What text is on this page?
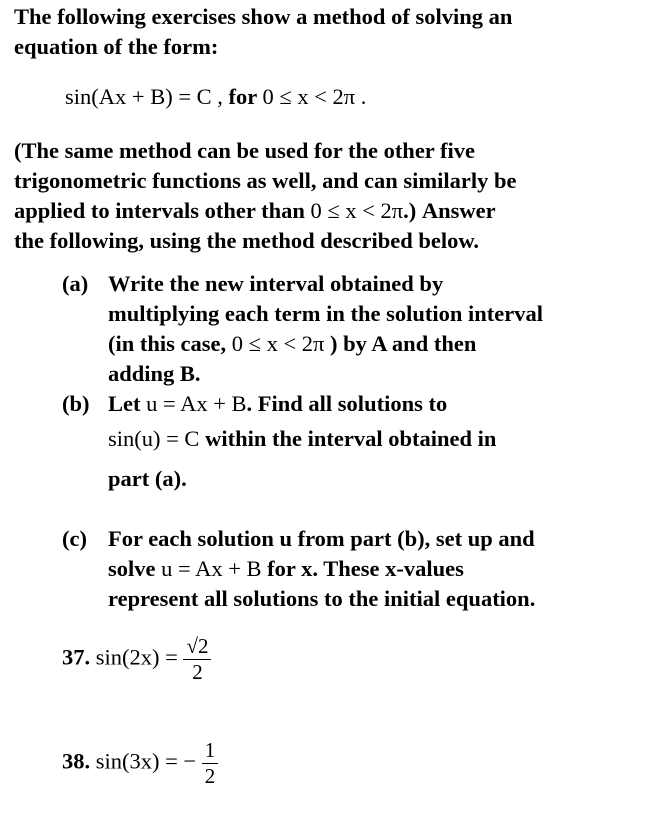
The following exercises show a method of solving an
equation of the form:
sin(Ax + B) = C , for 0 ≤ x < 2π .
(The same method can be used for the other five
trigonometric functions as well, and can similarly be
applied to intervals other than 0 ≤ x < 2π.) Answer
the following, using the method described below.
(a) Write the new interval obtained by
multiplying each term in the solution interval
(in this case, 0 ≤ x < 2π ) by A and then
adding B.
(b) Let u = Ax + B. Find all solutions to
sin(u) = C within the interval obtained in
part (a).
(c) For each solution u from part (b), set up and
solve u = Ax + B for x. These x-values
represent all solutions to the initial equation.
37. $\sin(2x) = \frac{√2}{2}$
38. sin(3x) = − $\frac{1}{2}$
